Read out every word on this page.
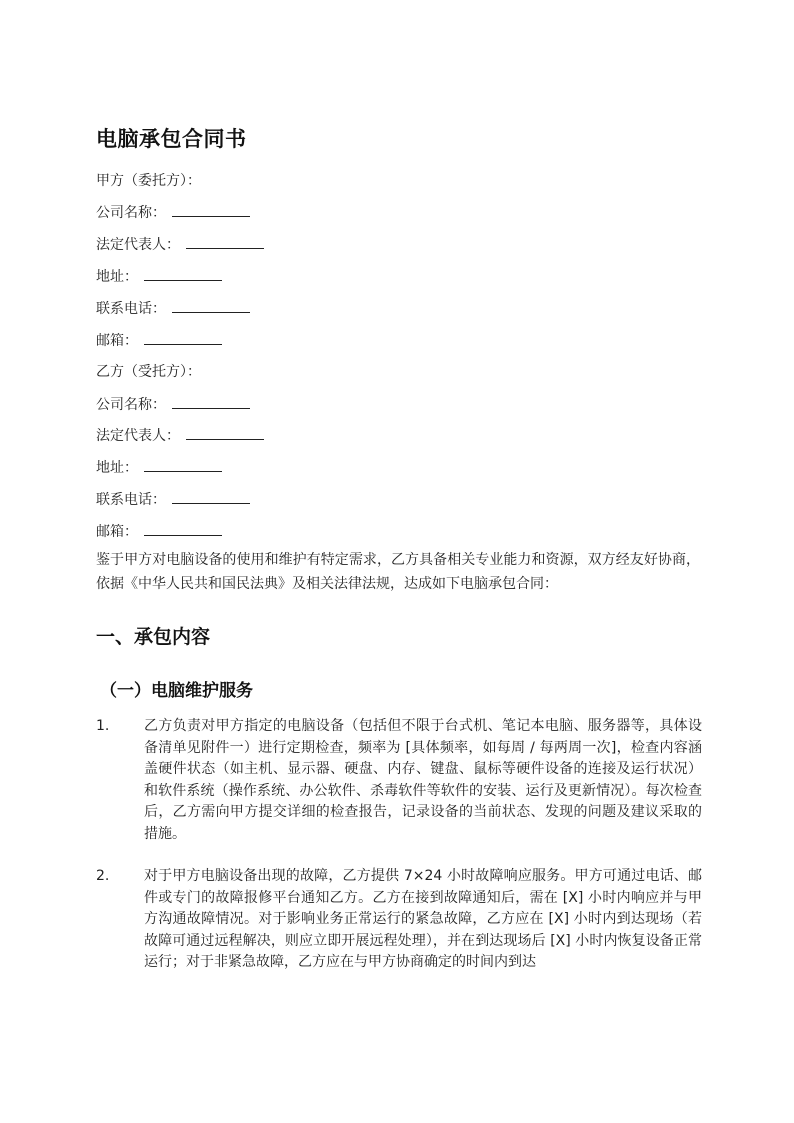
电脑承包合同书
甲方（委托方）：
公司名称：
法定代表人：
地址：
联系电话：
邮箱：
乙方（受托方）：
公司名称：
法定代表人：
地址：
联系电话：
邮箱：

鉴于甲方对电脑设备的使用和维护有特定需求，乙方具备相关专业能力和资源，双方经友好协商，依据《中华人民共和国民法典》及相关法律法规，达成如下电脑承包合同：

一、承包内容
（一）电脑维护服务
1. 乙方负责对甲方指定的电脑设备（包括但不限于台式机、笔记本电脑、服务器等，具体设备清单见附件一）进行定期检查，频率为 [具体频率，如每周 / 每两周一次]，检查内容涵盖硬件状态（如主机、显示器、硬盘、内存、键盘、鼠标等硬件设备的连接及运行状况）和软件系统（操作系统、办公软件、杀毒软件等软件的安装、运行及更新情况）。每次检查后，乙方需向甲方提交详细的检查报告，记录设备的当前状态、发现的问题及建议采取的措施。
2. 对于甲方电脑设备出现的故障，乙方提供 7×24 小时故障响应服务。甲方可通过电话、邮件或专门的故障报修平台通知乙方。乙方在接到故障通知后，需在 [X] 小时内响应并与甲方沟通故障情况。对于影响业务正常运行的紧急故障，乙方应在 [X] 小时内到达现场（若故障可通过远程解决，则应立即开展远程处理），并在到达现场后 [X] 小时内恢复设备正常运行；对于非紧急故障，乙方应在与甲方协商确定的时间内到达
